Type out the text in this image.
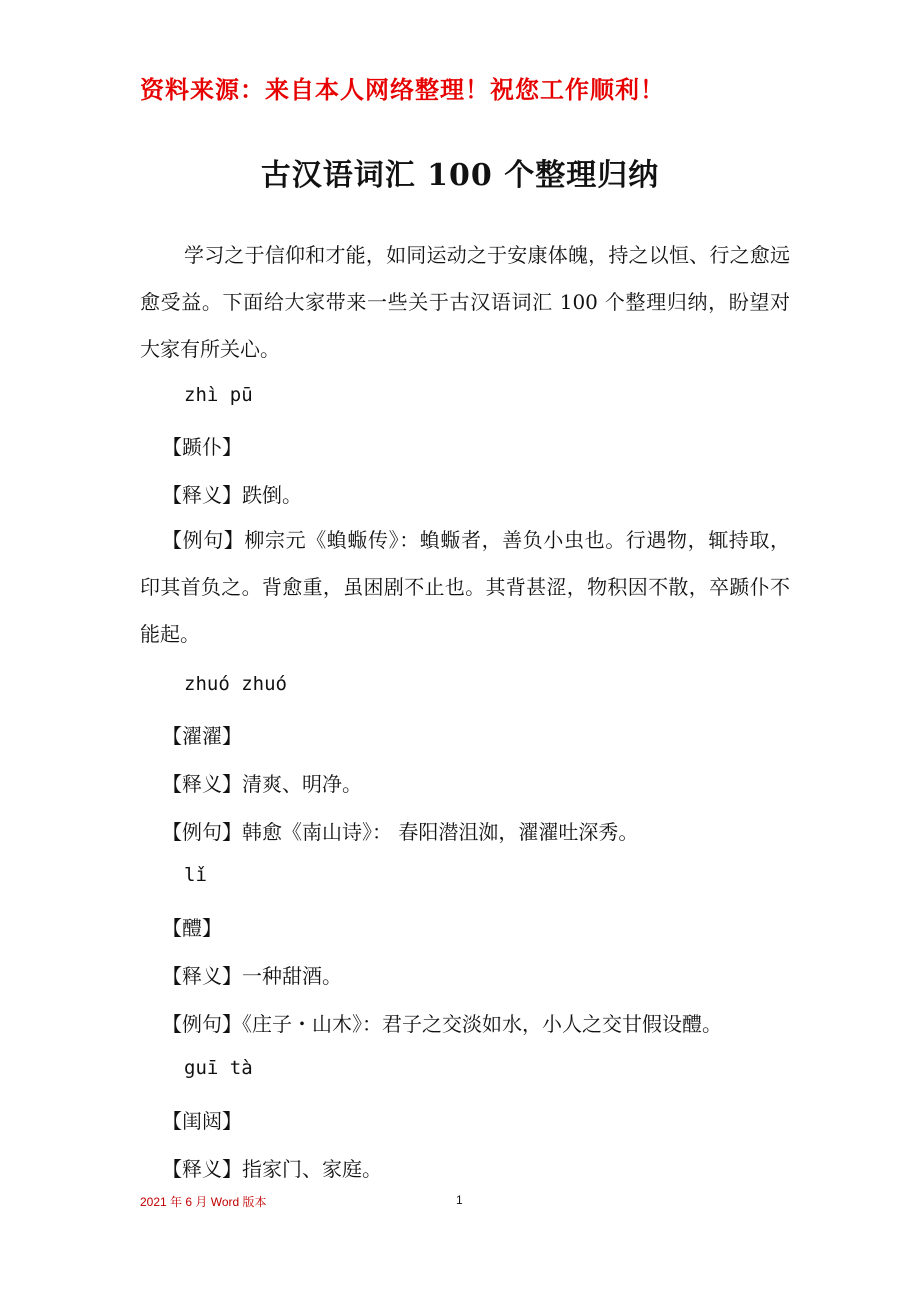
资料来源：来自本人网络整理！祝您工作顺利！
古汉语词汇 100 个整理归纳

学习之于信仰和才能，如同运动之于安康体魄，持之以恒、行之愈远愈受益。下面给大家带来一些关于古汉语词汇 100 个整理归纳，盼望对大家有所关心。

zhì pū
【踬仆】
【释义】跌倒。

【例句】柳宗元《蝜蝂传》：蝜蝂者，善负小虫也。行遇物，辄持取，印其首负之。背愈重，虽困剧不止也。其背甚涩，物积因不散，卒踬仆不能起。

zhuó zhuó
【濯濯】
【释义】清爽、明净。
【例句】韩愈《南山诗》： 春阳潜沮洳，濯濯吐深秀。
lǐ
【醴】
【释义】一种甜酒。
【例句】《庄子・山木》：君子之交淡如水，小人之交甘假设醴。
guī tà
【闺闼】
【释义】指家门、家庭。
2021 年 6 月 Word 版本	1
